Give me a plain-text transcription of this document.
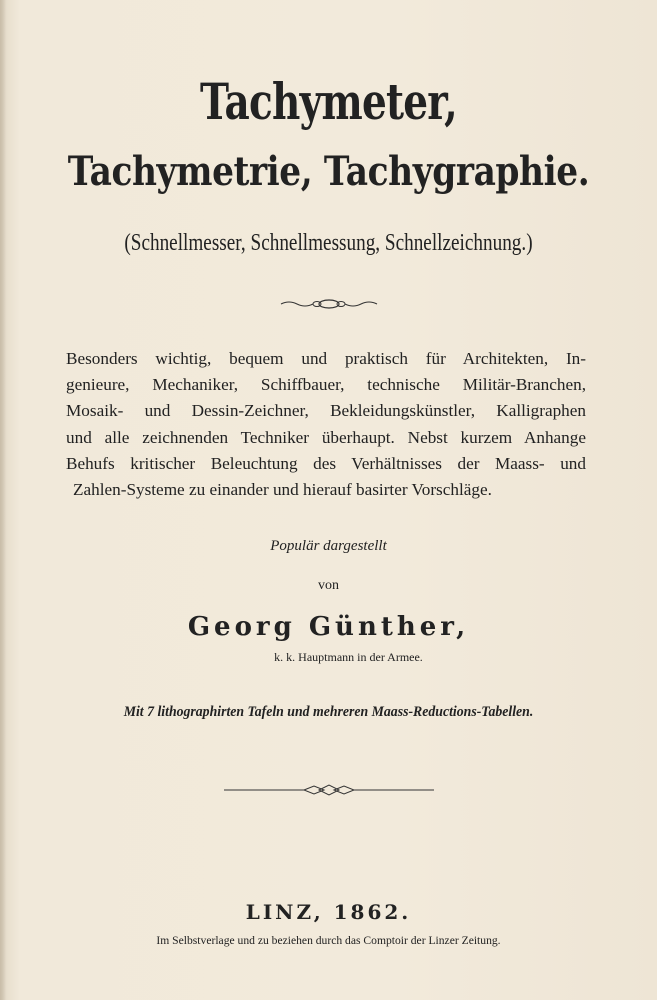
Tachymeter,
Tachymetrie, Tachygraphie.
(Schnellmesser, Schnellmessung, Schnellzeichnung.)
Besonders wichtig, bequem und praktisch für Architekten, In-
genieure, Mechaniker, Schiffbauer, technische Militär-Branchen,
Mosaik- und Dessin-Zeichner, Bekleidungskünstler, Kalligraphen
und alle zeichnenden Techniker überhaupt. Nebst kurzem Anhange
Behufs kritischer Beleuchtung des Verhältnisses der Maass- und
Zahlen-Systeme zu einander und hierauf basirter Vorschläge.
Populär dargestellt
von
Georg Günther,
k. k. Hauptmann in der Armee.
Mit 7 lithographirten Tafeln und mehreren Maass-Reductions-Tabellen.
LINZ, 1862.
Im Selbstverlage und zu beziehen durch das Comptoir der Linzer Zeitung.
